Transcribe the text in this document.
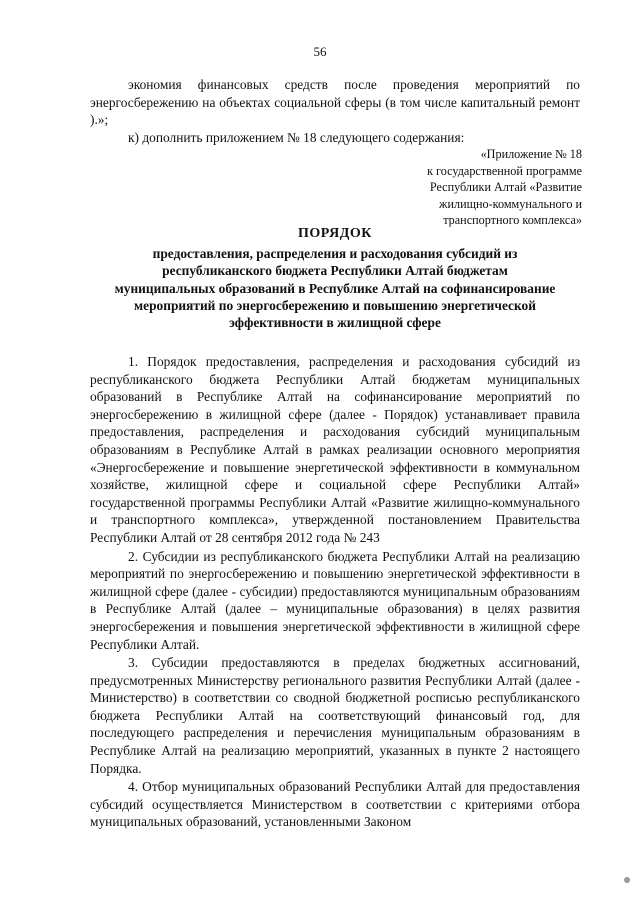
56

экономия финансовых средств после проведения мероприятий по энергосбережению на объектах социальной сферы (в том числе капитальный ремонт ).»;

к) дополнить приложением № 18 следующего содержания:

«Приложение № 18
к государственной программе
Республики Алтай «Развитие
жилищно-коммунального и
транспортного комплекса»
ПОРЯДОК
предоставления, распределения и расходования субсидий из
республиканского бюджета Республики Алтай бюджетам
муниципальных образований в Республике Алтай на софинансирование
мероприятий по энергосбережению и повышению энергетической
эффективности в жилищной сфере

1. Порядок предоставления, распределения и расходования субсидий из республиканского бюджета Республики Алтай бюджетам муниципальных образований в Республике Алтай на софинансирование мероприятий по энергосбережению в жилищной сфере (далее - Порядок) устанавливает правила предоставления, распределения и расходования субсидий муниципальным образованиям в Республике Алтай в рамках реализации основного мероприятия «Энергосбережение и повышение энергетической эффективности в коммунальном хозяйстве, жилищной сфере и социальной сфере Республики Алтай» государственной программы Республики Алтай «Развитие жилищно-коммунального и транспортного комплекса», утвержденной постановлением Правительства Республики Алтай от 28 сентября 2012 года № 243

2. Субсидии из республиканского бюджета Республики Алтай на реализацию мероприятий по энергосбережению и повышению энергетической эффективности в жилищной сфере (далее - субсидии) предоставляются муниципальным образованиям в Республике Алтай (далее – муниципальные образования) в целях развития энергосбережения и повышения энергетической эффективности в жилищной сфере Республики Алтай.

3. Субсидии предоставляются в пределах бюджетных ассигнований, предусмотренных Министерству регионального развития Республики Алтай (далее - Министерство) в соответствии со сводной бюджетной росписью республиканского бюджета Республики Алтай на соответствующий финансовый год, для последующего распределения и перечисления муниципальным образованиям в Республике Алтай на реализацию мероприятий, указанных в пункте 2 настоящего Порядка.

4. Отбор муниципальных образований Республики Алтай для предоставления субсидий осуществляется Министерством в соответствии с критериями отбора муниципальных образований, установленными Законом
